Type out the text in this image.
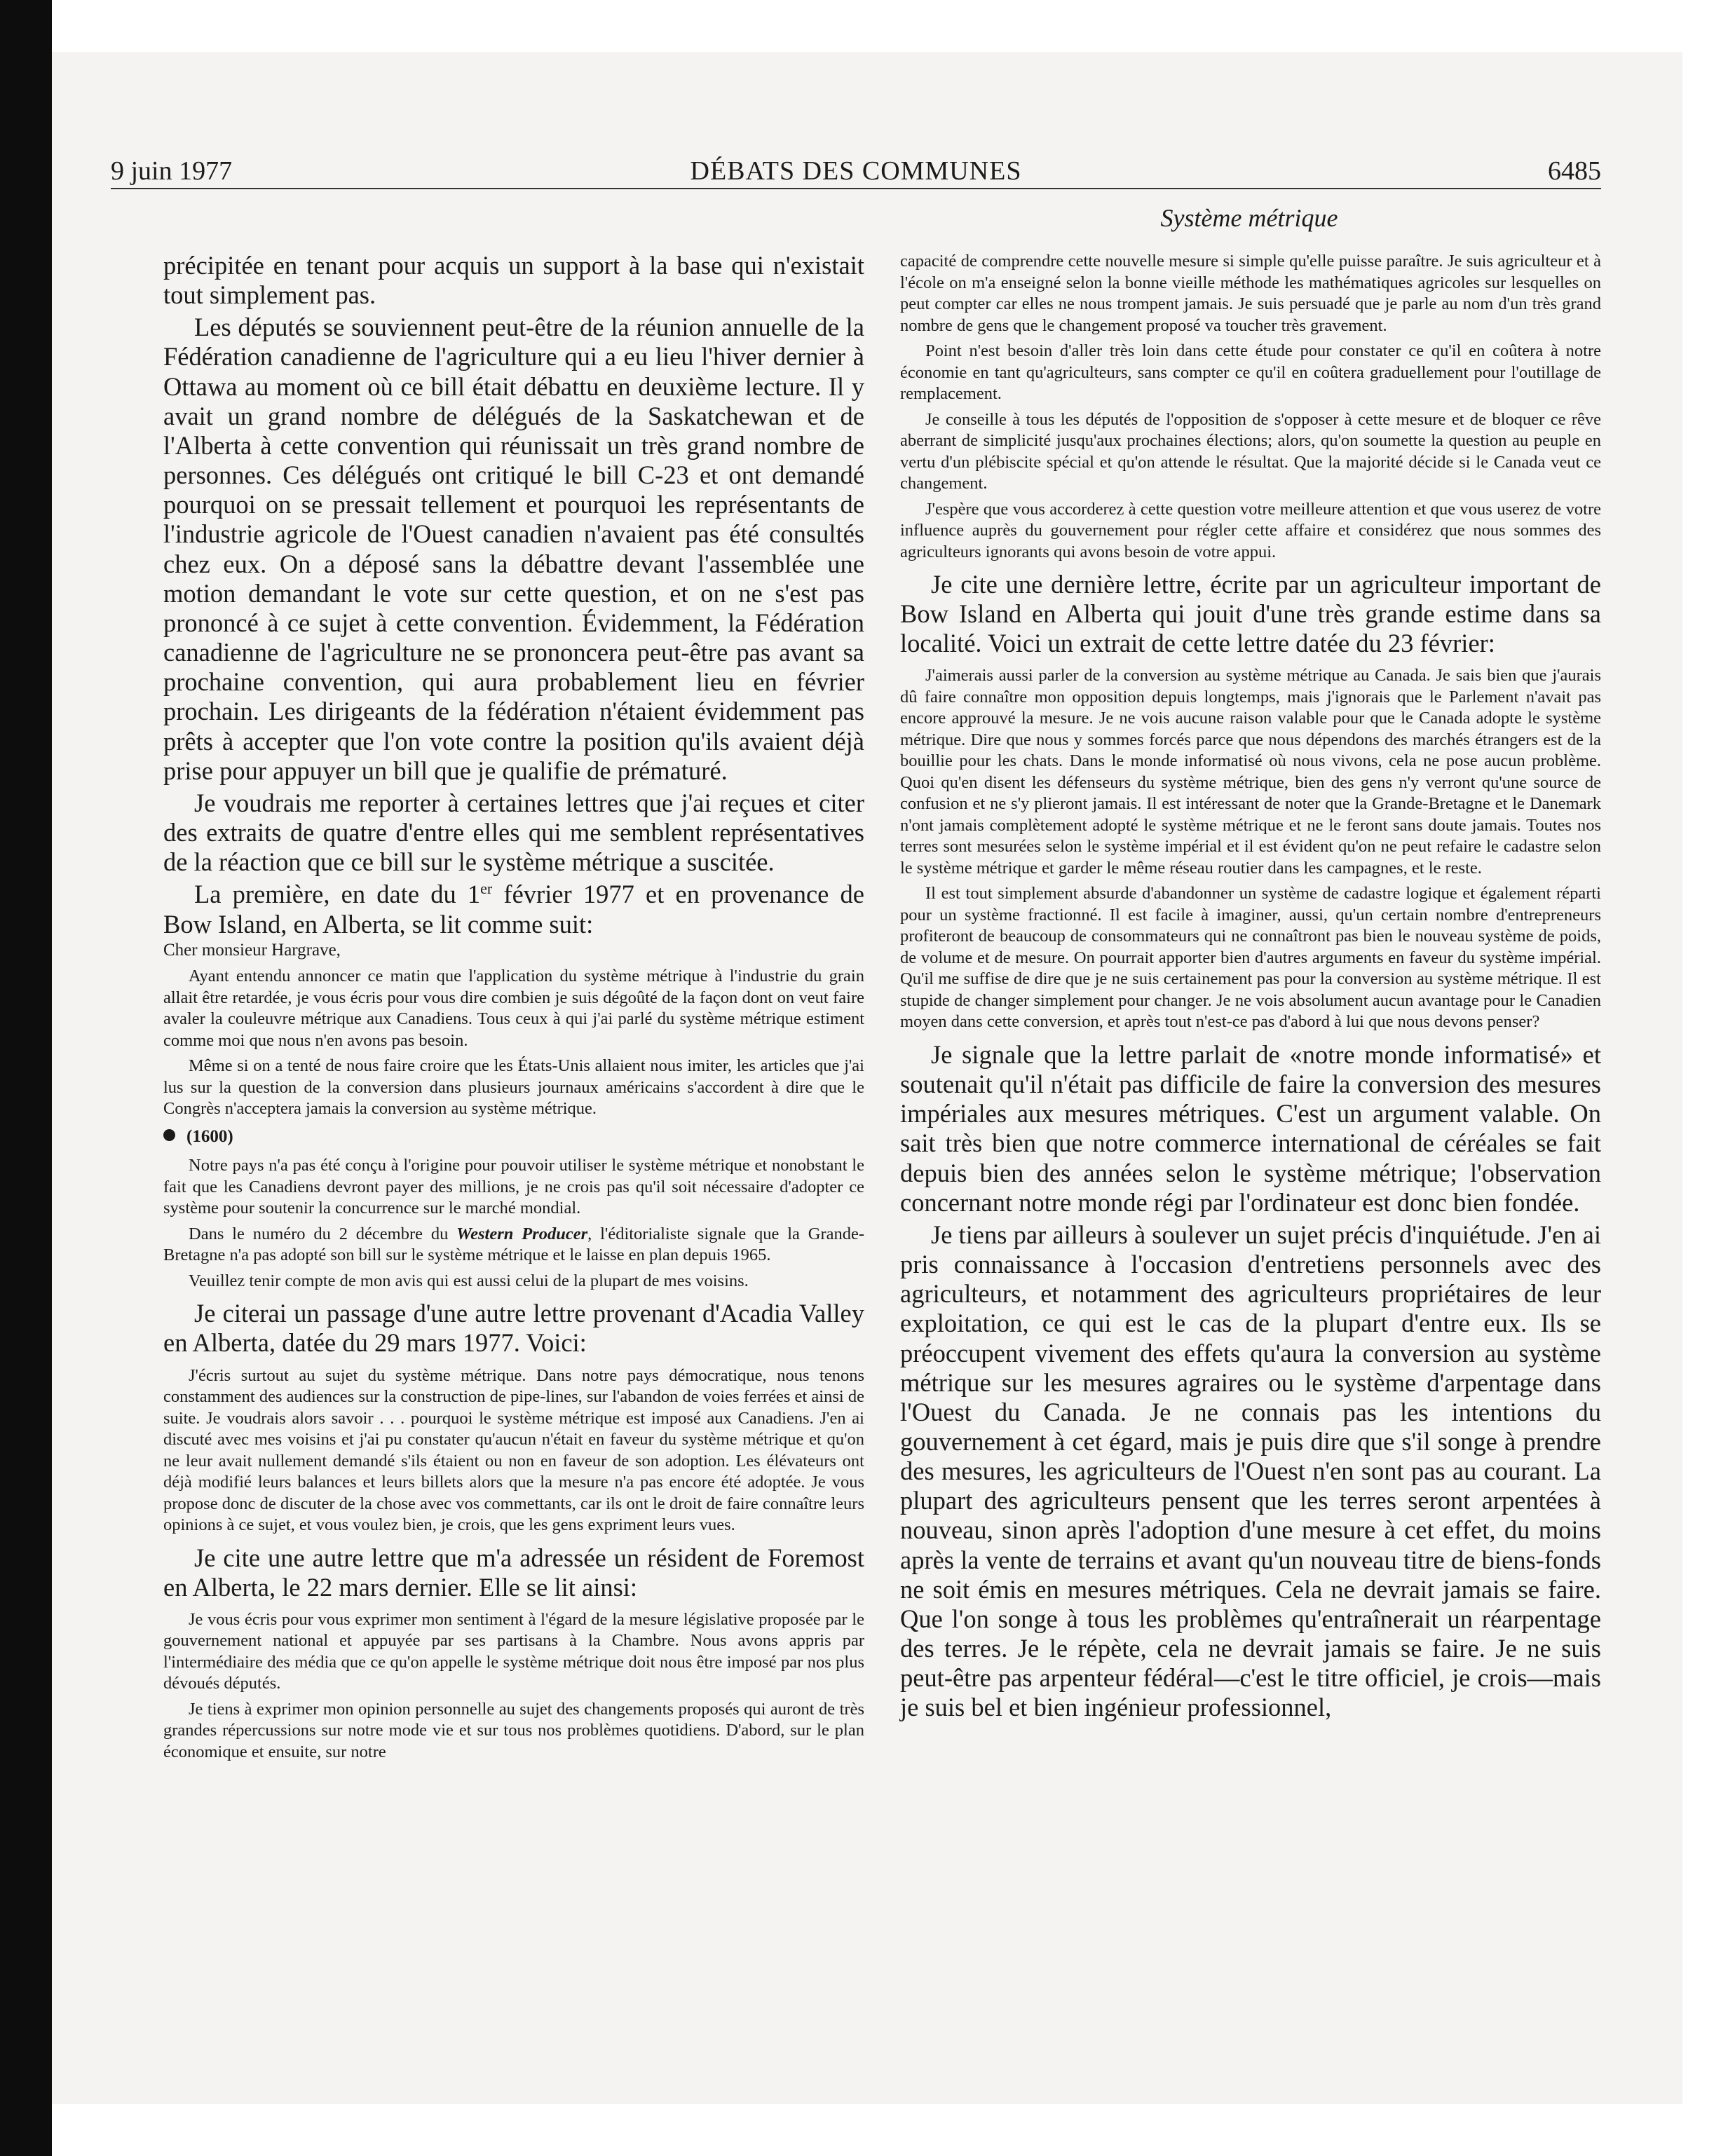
9 juin 1977	DÉBATS DES COMMUNES	6485
Système métrique

précipitée en tenant pour acquis un support à la base qui n'existait tout simplement pas.

Les députés se souviennent peut-être de la réunion annuelle de la Fédération canadienne de l'agriculture qui a eu lieu l'hiver dernier à Ottawa au moment où ce bill était débattu en deuxième lecture. Il y avait un grand nombre de délégués de la Saskatchewan et de l'Alberta à cette convention qui réunissait un très grand nombre de personnes. Ces délégués ont critiqué le bill C-23 et ont demandé pourquoi on se pressait tellement et pourquoi les représentants de l'industrie agricole de l'Ouest canadien n'avaient pas été consultés chez eux. On a déposé sans la débattre devant l'assemblée une motion demandant le vote sur cette question, et on ne s'est pas prononcé à ce sujet à cette convention. Évidemment, la Fédération canadienne de l'agriculture ne se prononcera peut-être pas avant sa prochaine convention, qui aura probablement lieu en février prochain. Les dirigeants de la fédération n'étaient évidemment pas prêts à accepter que l'on vote contre la position qu'ils avaient déjà prise pour appuyer un bill que je qualifie de prématuré.

Je voudrais me reporter à certaines lettres que j'ai reçues et citer des extraits de quatre d'entre elles qui me semblent représentatives de la réaction que ce bill sur le système métrique a suscitée.

La première, en date du 1er février 1977 et en provenance de Bow Island, en Alberta, se lit comme suit:

Cher monsieur Hargrave,

Ayant entendu annoncer ce matin que l'application du système métrique à l'industrie du grain allait être retardée, je vous écris pour vous dire combien je suis dégoûté de la façon dont on veut faire avaler la couleuvre métrique aux Canadiens. Tous ceux à qui j'ai parlé du système métrique estiment comme moi que nous n'en avons pas besoin.

Même si on a tenté de nous faire croire que les États-Unis allaient nous imiter, les articles que j'ai lus sur la question de la conversion dans plusieurs journaux américains s'accordent à dire que le Congrès n'acceptera jamais la conversion au système métrique.

(1600)

Notre pays n'a pas été conçu à l'origine pour pouvoir utiliser le système métrique et nonobstant le fait que les Canadiens devront payer des millions, je ne crois pas qu'il soit nécessaire d'adopter ce système pour soutenir la concurrence sur le marché mondial.

Dans le numéro du 2 décembre du Western Producer, l'éditorialiste signale que la Grande-Bretagne n'a pas adopté son bill sur le système métrique et le laisse en plan depuis 1965.

Veuillez tenir compte de mon avis qui est aussi celui de la plupart de mes voisins.

Je citerai un passage d'une autre lettre provenant d'Acadia Valley en Alberta, datée du 29 mars 1977. Voici:

J'écris surtout au sujet du système métrique. Dans notre pays démocratique, nous tenons constamment des audiences sur la construction de pipe-lines, sur l'abandon de voies ferrées et ainsi de suite. Je voudrais alors savoir . . . pourquoi le système métrique est imposé aux Canadiens. J'en ai discuté avec mes voisins et j'ai pu constater qu'aucun n'était en faveur du système métrique et qu'on ne leur avait nullement demandé s'ils étaient ou non en faveur de son adoption. Les élévateurs ont déjà modifié leurs balances et leurs billets alors que la mesure n'a pas encore été adoptée. Je vous propose donc de discuter de la chose avec vos commettants, car ils ont le droit de faire connaître leurs opinions à ce sujet, et vous voulez bien, je crois, que les gens expriment leurs vues.

Je cite une autre lettre que m'a adressée un résident de Foremost en Alberta, le 22 mars dernier. Elle se lit ainsi:

Je vous écris pour vous exprimer mon sentiment à l'égard de la mesure législative proposée par le gouvernement national et appuyée par ses partisans à la Chambre. Nous avons appris par l'intermédiaire des média que ce qu'on appelle le système métrique doit nous être imposé par nos plus dévoués députés.

Je tiens à exprimer mon opinion personnelle au sujet des changements proposés qui auront de très grandes répercussions sur notre mode vie et sur tous nos problèmes quotidiens. D'abord, sur le plan économique et ensuite, sur notre

capacité de comprendre cette nouvelle mesure si simple qu'elle puisse paraître. Je suis agriculteur et à l'école on m'a enseigné selon la bonne vieille méthode les mathématiques agricoles sur lesquelles on peut compter car elles ne nous trompent jamais. Je suis persuadé que je parle au nom d'un très grand nombre de gens que le changement proposé va toucher très gravement.

Point n'est besoin d'aller très loin dans cette étude pour constater ce qu'il en coûtera à notre économie en tant qu'agriculteurs, sans compter ce qu'il en coûtera graduellement pour l'outillage de remplacement.

Je conseille à tous les députés de l'opposition de s'opposer à cette mesure et de bloquer ce rêve aberrant de simplicité jusqu'aux prochaines élections; alors, qu'on soumette la question au peuple en vertu d'un plébiscite spécial et qu'on attende le résultat. Que la majorité décide si le Canada veut ce changement.

J'espère que vous accorderez à cette question votre meilleure attention et que vous userez de votre influence auprès du gouvernement pour régler cette affaire et considérez que nous sommes des agriculteurs ignorants qui avons besoin de votre appui.

Je cite une dernière lettre, écrite par un agriculteur important de Bow Island en Alberta qui jouit d'une très grande estime dans sa localité. Voici un extrait de cette lettre datée du 23 février:

J'aimerais aussi parler de la conversion au système métrique au Canada. Je sais bien que j'aurais dû faire connaître mon opposition depuis longtemps, mais j'ignorais que le Parlement n'avait pas encore approuvé la mesure. Je ne vois aucune raison valable pour que le Canada adopte le système métrique. Dire que nous y sommes forcés parce que nous dépendons des marchés étrangers est de la bouillie pour les chats. Dans le monde informatisé où nous vivons, cela ne pose aucun problème. Quoi qu'en disent les défenseurs du système métrique, bien des gens n'y verront qu'une source de confusion et ne s'y plieront jamais. Il est intéressant de noter que la Grande-Bretagne et le Danemark n'ont jamais complètement adopté le système métrique et ne le feront sans doute jamais. Toutes nos terres sont mesurées selon le système impérial et il est évident qu'on ne peut refaire le cadastre selon le système métrique et garder le même réseau routier dans les campagnes, et le reste.

Il est tout simplement absurde d'abandonner un système de cadastre logique et également réparti pour un système fractionné. Il est facile à imaginer, aussi, qu'un certain nombre d'entrepreneurs profiteront de beaucoup de consommateurs qui ne connaîtront pas bien le nouveau système de poids, de volume et de mesure. On pourrait apporter bien d'autres arguments en faveur du système impérial. Qu'il me suffise de dire que je ne suis certainement pas pour la conversion au système métrique. Il est stupide de changer simplement pour changer. Je ne vois absolument aucun avantage pour le Canadien moyen dans cette conversion, et après tout n'est-ce pas d'abord à lui que nous devons penser?

Je signale que la lettre parlait de «notre monde informatisé» et soutenait qu'il n'était pas difficile de faire la conversion des mesures impériales aux mesures métriques. C'est un argument valable. On sait très bien que notre commerce international de céréales se fait depuis bien des années selon le système métrique; l'observation concernant notre monde régi par l'ordinateur est donc bien fondée.

Je tiens par ailleurs à soulever un sujet précis d'inquiétude. J'en ai pris connaissance à l'occasion d'entretiens personnels avec des agriculteurs, et notamment des agriculteurs propriétaires de leur exploitation, ce qui est le cas de la plupart d'entre eux. Ils se préoccupent vivement des effets qu'aura la conversion au système métrique sur les mesures agraires ou le système d'arpentage dans l'Ouest du Canada. Je ne connais pas les intentions du gouvernement à cet égard, mais je puis dire que s'il songe à prendre des mesures, les agriculteurs de l'Ouest n'en sont pas au courant. La plupart des agriculteurs pensent que les terres seront arpentées à nouveau, sinon après l'adoption d'une mesure à cet effet, du moins après la vente de terrains et avant qu'un nouveau titre de biens-fonds ne soit émis en mesures métriques. Cela ne devrait jamais se faire. Que l'on songe à tous les problèmes qu'entraînerait un réarpentage des terres. Je le répète, cela ne devrait jamais se faire. Je ne suis peut-être pas arpenteur fédéral—c'est le titre officiel, je crois—mais je suis bel et bien ingénieur professionnel,
